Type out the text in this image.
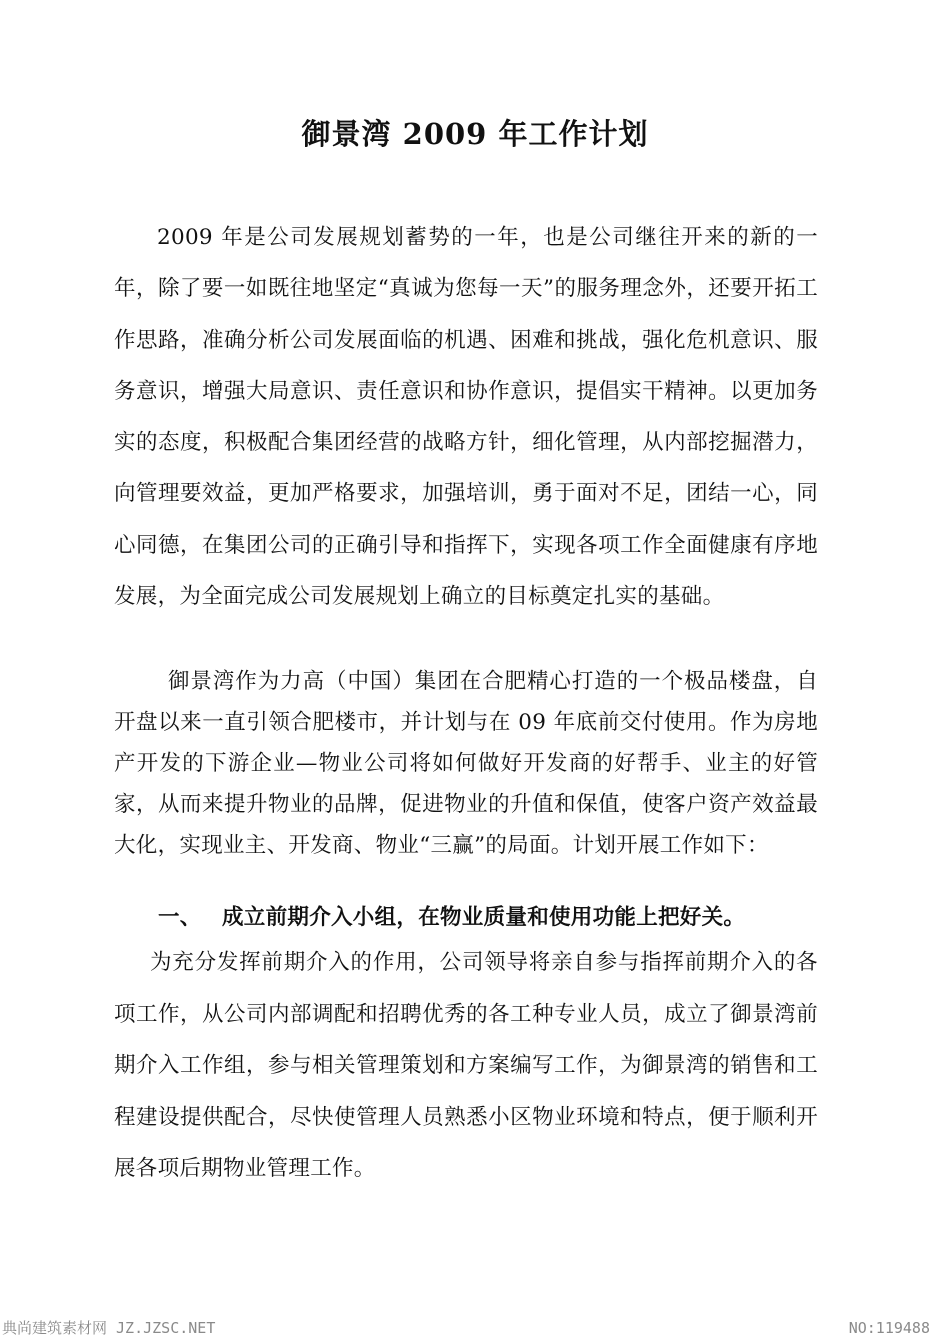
御景湾 2009 年工作计划

2009 年是公司发展规划蓄势的一年，也是公司继往开来的新的一年，除了要一如既往地坚定“真诚为您每一天”的服务理念外，还要开拓工作思路，准确分析公司发展面临的机遇、困难和挑战，强化危机意识、服务意识，增强大局意识、责任意识和协作意识，提倡实干精神。以更加务实的态度，积极配合集团经营的战略方针，细化管理，从内部挖掘潜力，向管理要效益，更加严格要求，加强培训，勇于面对不足，团结一心，同心同德，在集团公司的正确引导和指挥下，实现各项工作全面健康有序地发展，为全面完成公司发展规划上确立的目标奠定扎实的基础。

御景湾作为力高（中国）集团在合肥精心打造的一个极品楼盘，自开盘以来一直引领合肥楼市，并计划与在 09 年底前交付使用。作为房地产开发的下游企业—物业公司将如何做好开发商的好帮手、业主的好管家，从而来提升物业的品牌，促进物业的升值和保值，使客户资产效益最大化，实现业主、开发商、物业“三赢”的局面。计划开展工作如下：

一、 成立前期介入小组，在物业质量和使用功能上把好关。

为充分发挥前期介入的作用，公司领导将亲自参与指挥前期介入的各项工作，从公司内部调配和招聘优秀的各工种专业人员，成立了御景湾前期介入工作组，参与相关管理策划和方案编写工作，为御景湾的销售和工程建设提供配合，尽快使管理人员熟悉小区物业环境和特点，便于顺利开展各项后期物业管理工作。

典尚建筑素材网 JZ.JZSC.NET	NO:119488
